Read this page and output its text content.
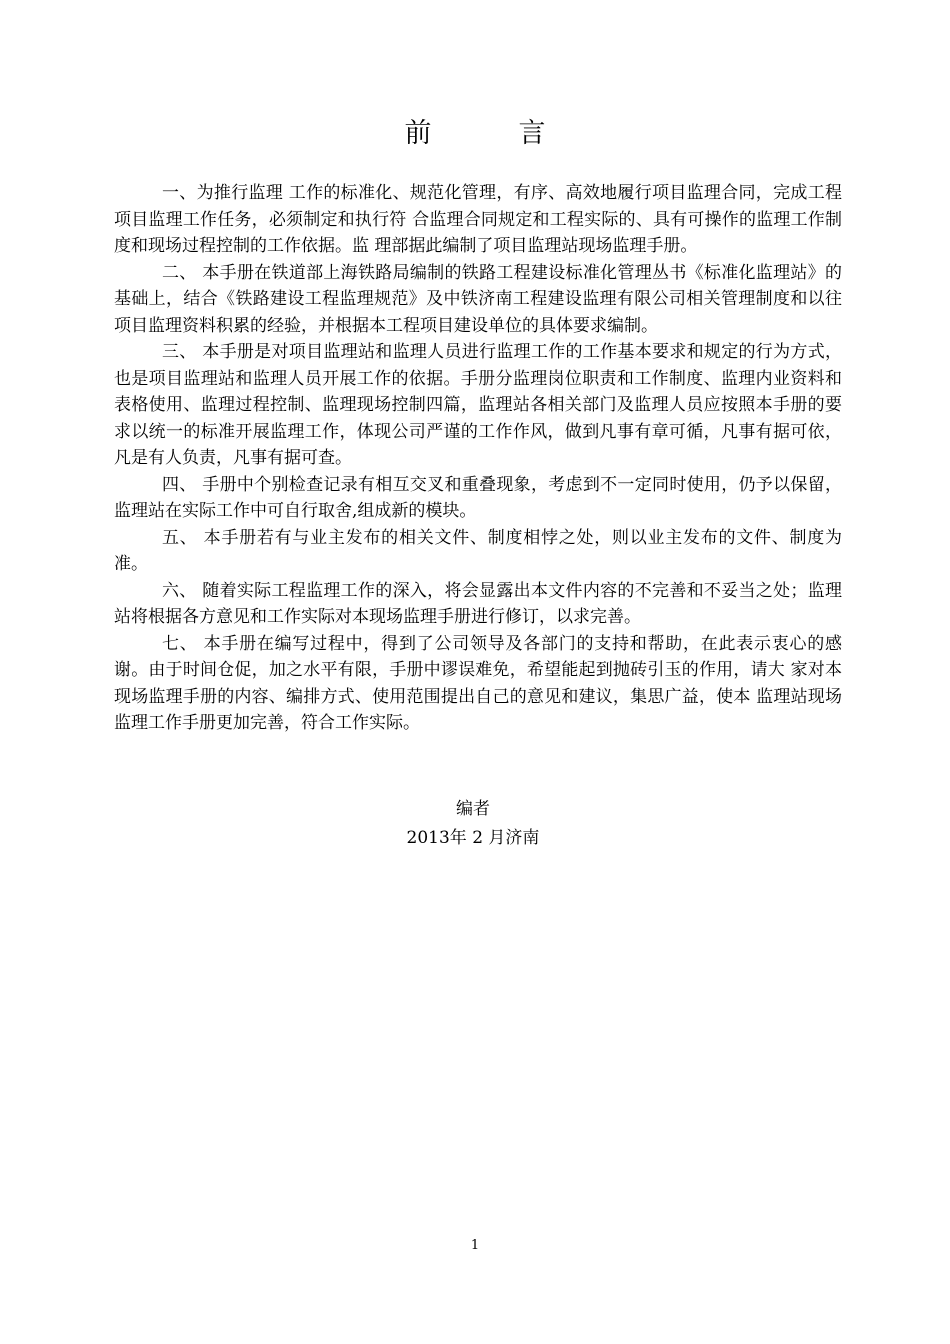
前　言

一、为推行监理 工作的标准化、规范化管理，有序、高效地履行项目监理合同，完成工程项目监理工作任务，必须制定和执行符 合监理合同规定和工程实际的、具有可操作的监理工作制度和现场过程控制的工作依据。监 理部据此编制了项目监理站现场监理手册。

二、 本手册在铁道部上海铁路局编制的铁路工程建设标准化管理丛书《标准化监理站》的基础上，结合《铁路建设工程监理规范》及中铁济南工程建设监理有限公司相关管理制度和以往项目监理资料积累的经验，并根据本工程项目建设单位的具体要求编制。

三、 本手册是对项目监理站和监理人员进行监理工作的工作基本要求和规定的行为方式，也是项目监理站和监理人员开展工作的依据。手册分监理岗位职责和工作制度、监理内业资料和表格使用、监理过程控制、监理现场控制四篇，监理站各相关部门及监理人员应按照本手册的要求以统一的标准开展监理工作，体现公司严谨的工作作风，做到凡事有章可循，凡事有据可依，凡是有人负责，凡事有据可查。

四、 手册中个别检查记录有相互交叉和重叠现象，考虑到不一定同时使用，仍予以保留，监理站在实际工作中可自行取舍,组成新的模块。

五、 本手册若有与业主发布的相关文件、制度相悖之处，则以业主发布的文件、制度为准。

六、 随着实际工程监理工作的深入，将会显露出本文件内容的不完善和不妥当之处；监理站将根据各方意见和工作实际对本现场监理手册进行修订，以求完善。

七、 本手册在编写过程中，得到了公司领导及各部门的支持和帮助，在此表示衷心的感谢。由于时间仓促，加之水平有限，手册中谬误难免，希望能起到抛砖引玉的作用，请大 家对本现场监理手册的内容、编排方式、使用范围提出自己的意见和建议，集思广益，使本 监理站现场监理工作手册更加完善，符合工作实际。

编者
2013年 2 月济南
1
